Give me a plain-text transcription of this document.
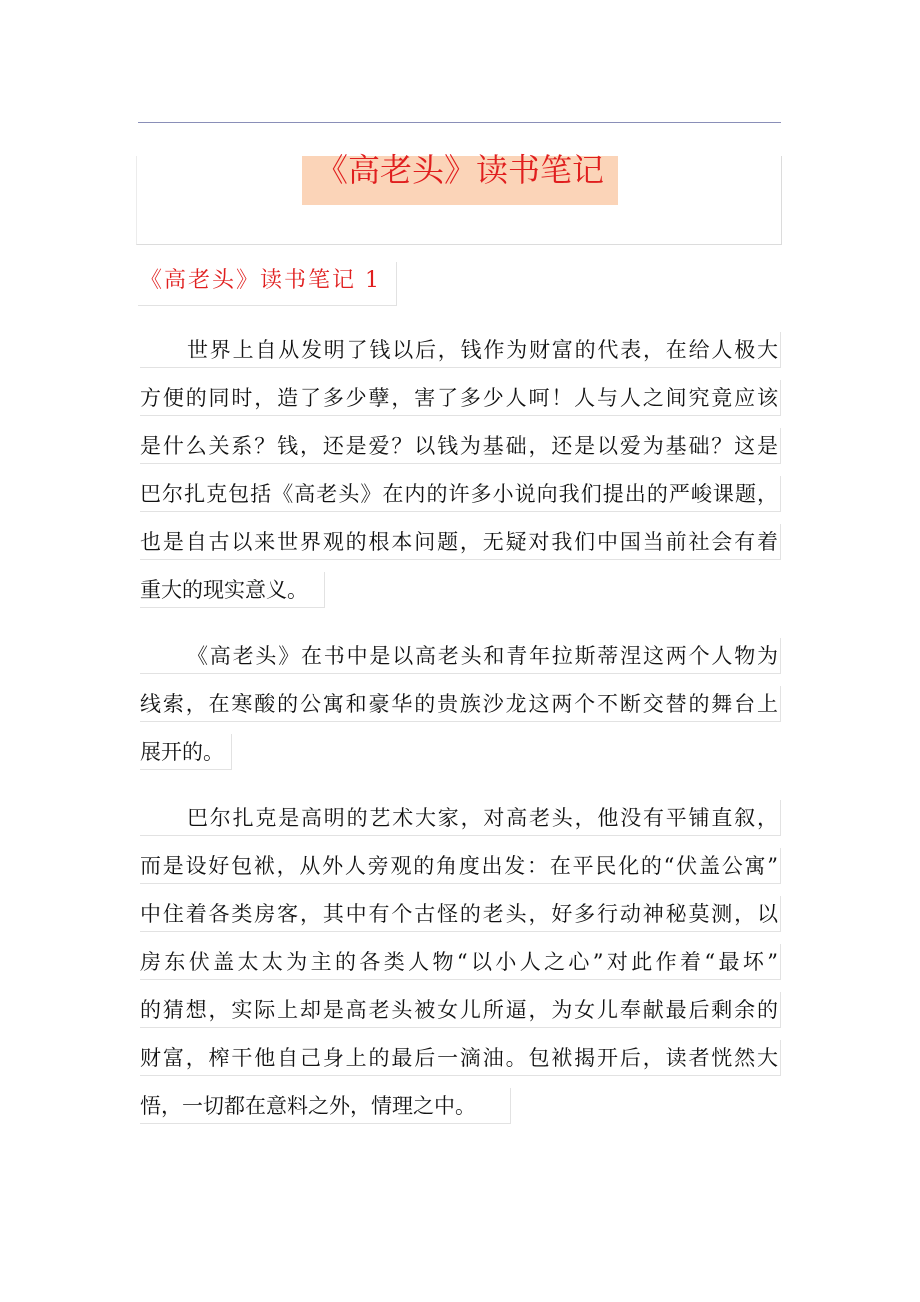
《高老头》读书笔记
《高老头》读书笔记 1
世界上自从发明了钱以后，钱作为财富的代表，在给人极大
方便的同时，造了多少孽，害了多少人呵！人与人之间究竟应该
是什么关系？钱，还是爱？以钱为基础，还是以爱为基础？这是
巴尔扎克包括《高老头》在内的许多小说向我们提出的严峻课题，
也是自古以来世界观的根本问题，无疑对我们中国当前社会有着
重大的现实意义。
《高老头》在书中是以高老头和青年拉斯蒂涅这两个人物为
线索，在寒酸的公寓和豪华的贵族沙龙这两个不断交替的舞台上
展开的。
巴尔扎克是高明的艺术大家，对高老头，他没有平铺直叙，
而是设好包袱，从外人旁观的角度出发：在平民化的“伏盖公寓”
中住着各类房客，其中有个古怪的老头，好多行动神秘莫测，以
房东伏盖太太为主的各类人物“以小人之心”对此作着“最坏”
的猜想，实际上却是高老头被女儿所逼，为女儿奉献最后剩余的
财富，榨干他自己身上的最后一滴油。包袱揭开后，读者恍然大
悟，一切都在意料之外，情理之中。
